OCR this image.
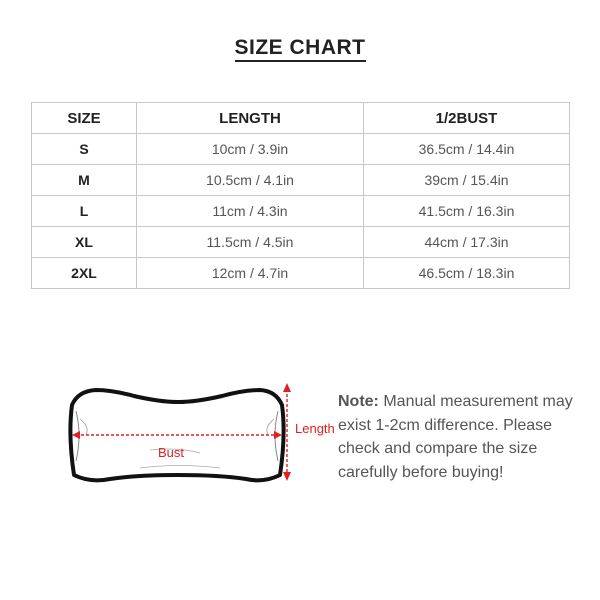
SIZE CHART
SIZE	LENGTH	1/2BUST
S	10cm / 3.9in	36.5cm / 14.4in
M	10.5cm / 4.1in	39cm / 15.4in
L	11cm / 4.3in	41.5cm / 16.3in
XL	11.5cm / 4.5in	44cm / 17.3in
2XL	12cm / 4.7in	46.5cm / 18.3in
Bust
Length
Note: Manual measurement may exist 1-2cm difference. Please check and compare the size carefully before buying!
